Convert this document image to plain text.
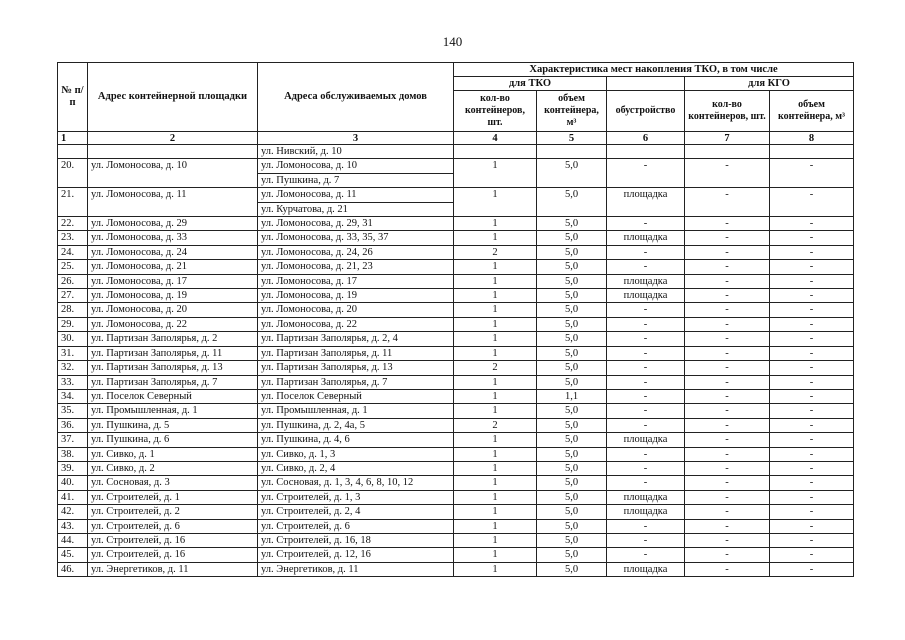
140
№ п/п	Адрес контейнерной площадки	Адреса обслуживаемых домов	Характеристика мест накопления ТКО, в том числе				
			для ТКО			для КГО	
			кол-во контейнеров, шт.	объем контейнера, м³	обустройство	кол-во контейнеров, шт.	объем контейнера, м³
1	2	3	4	5	6	7	8
		ул. Нивский, д. 10					
20.	ул. Ломоносова, д. 10	ул. Ломоносова, д. 10	1	5,0	-	-	-
		ул. Пушкина, д. 7					
21.	ул. Ломоносова, д. 11	ул. Ломоносова, д. 11	1	5,0	площадка	-	-
		ул. Курчатова, д. 21					
22.	ул. Ломоносова, д. 29	ул. Ломоносова, д. 29, 31	1	5,0	-	-	-
23.	ул. Ломоносова, д. 33	ул. Ломоносова, д. 33, 35, 37	1	5,0	площадка	-	-
24.	ул. Ломоносова, д. 24	ул. Ломоносова, д. 24, 26	2	5,0	-	-	-
25.	ул. Ломоносова, д. 21	ул. Ломоносова, д. 21, 23	1	5,0	-	-	-
26.	ул. Ломоносова, д. 17	ул. Ломоносова, д. 17	1	5,0	площадка	-	-
27.	ул. Ломоносова, д. 19	ул. Ломоносова, д. 19	1	5,0	площадка	-	-
28.	ул. Ломоносова, д. 20	ул. Ломоносова, д. 20	1	5,0	-	-	-
29.	ул. Ломоносова, д. 22	ул. Ломоносова, д. 22	1	5,0	-	-	-
30.	ул. Партизан Заполярья, д. 2	ул. Партизан Заполярья, д. 2, 4	1	5,0	-	-	-
31.	ул. Партизан Заполярья, д. 11	ул. Партизан Заполярья, д. 11	1	5,0	-	-	-
32.	ул. Партизан Заполярья, д. 13	ул. Партизан Заполярья, д. 13	2	5,0	-	-	-
33.	ул. Партизан Заполярья, д. 7	ул. Партизан Заполярья, д. 7	1	5,0	-	-	-
34.	ул. Поселок Северный	ул. Поселок Северный	1	1,1	-	-	-
35.	ул. Промышленная, д. 1	ул. Промышленная, д. 1	1	5,0	-	-	-
36.	ул. Пушкина, д. 5	ул. Пушкина, д. 2, 4а, 5	2	5,0	-	-	-
37.	ул. Пушкина, д. 6	ул. Пушкина, д. 4, 6	1	5,0	площадка	-	-
38.	ул. Сивко, д. 1	ул. Сивко, д. 1, 3	1	5,0	-	-	-
39.	ул. Сивко, д. 2	ул. Сивко, д. 2, 4	1	5,0	-	-	-
40.	ул. Сосновая, д. 3	ул. Сосновая, д. 1, 3, 4, 6, 8, 10, 12	1	5,0	-	-	-
41.	ул. Строителей, д. 1	ул. Строителей, д. 1, 3	1	5,0	площадка	-	-
42.	ул. Строителей, д. 2	ул. Строителей, д. 2, 4	1	5,0	площадка	-	-
43.	ул. Строителей, д. 6	ул. Строителей, д. 6	1	5,0	-	-	-
44.	ул. Строителей, д. 16	ул. Строителей, д. 16, 18	1	5,0	-	-	-
45.	ул. Строителей, д. 16	ул. Строителей, д. 12, 16	1	5,0	-	-	-
46.	ул. Энергетиков, д. 11	ул. Энергетиков, д. 11	1	5,0	площадка	-	-
